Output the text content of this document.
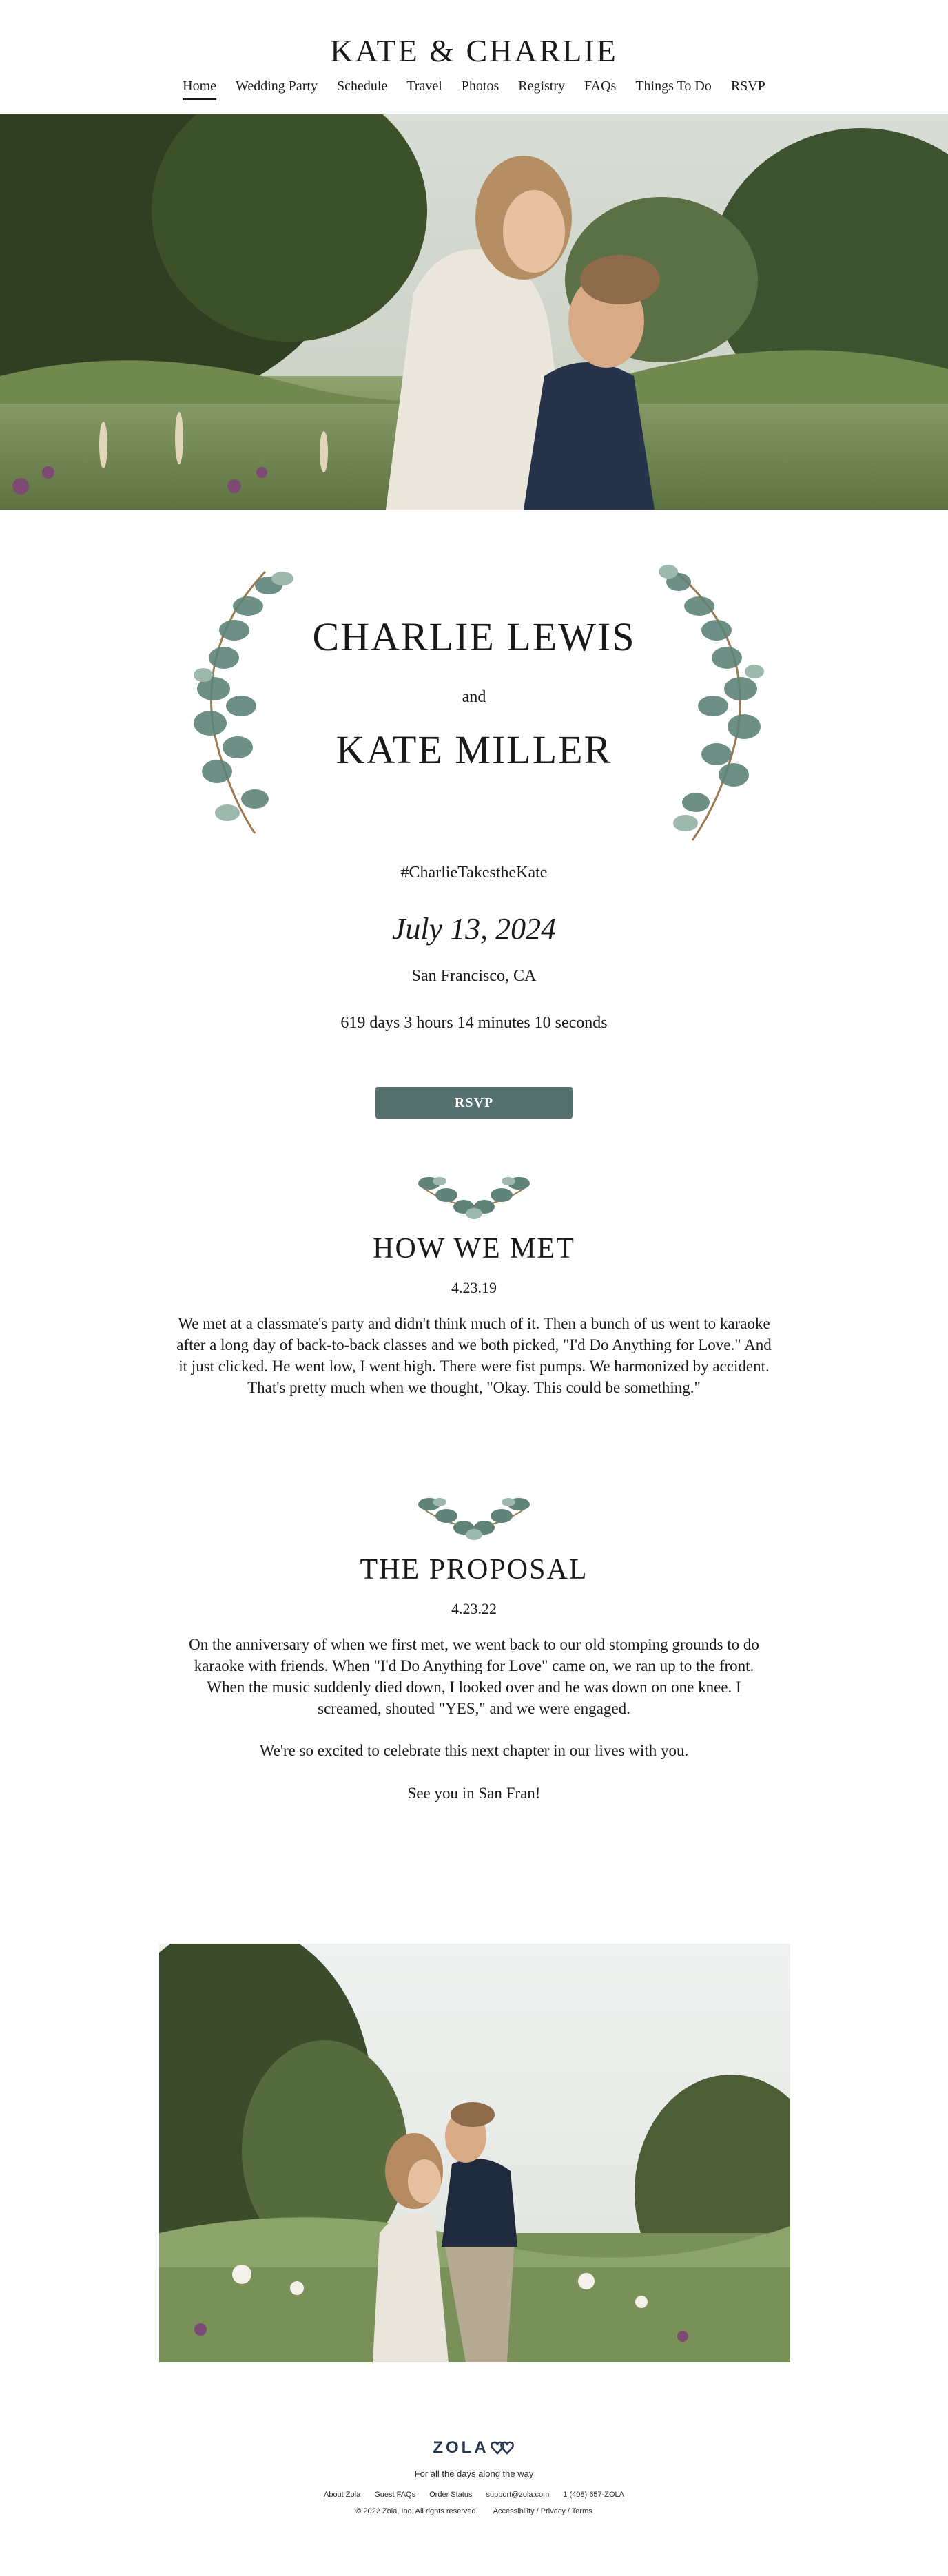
KATE & CHARLIE
Home Wedding Party Schedule Travel Photos Registry FAQs Things To Do RSVP
CHARLIE LEWIS
and
KATE MILLER
#CharlieTakestheKate
July 13, 2024
San Francisco, CA
619 days 3 hours 14 minutes 10 seconds
RSVP
HOW WE MET
4.23.19

We met at a classmate's party and didn't think much of it. Then a bunch of us went to karaoke after a long day of back-to-back classes and we both picked, "I'd Do Anything for Love." And it just clicked. He went low, I went high. There were fist pumps. We harmonized by accident. That's pretty much when we thought, "Okay. This could be something."

THE PROPOSAL
4.23.22

On the anniversary of when we first met, we went back to our old stomping grounds to do karaoke with friends. When "I'd Do Anything for Love" came on, we ran up to the front. When the music suddenly died down, I looked over and he was down on one knee. I screamed, shouted "YES," and we were engaged.

We're so excited to celebrate this next chapter in our lives with you.

See you in San Fran!

ZOLA
For all the days along the way
About Zola Guest FAQs Order Status support@zola.com 1 (408) 657-ZOLA
© 2022 Zola, Inc. All rights reserved. Accessibility / Privacy / Terms
